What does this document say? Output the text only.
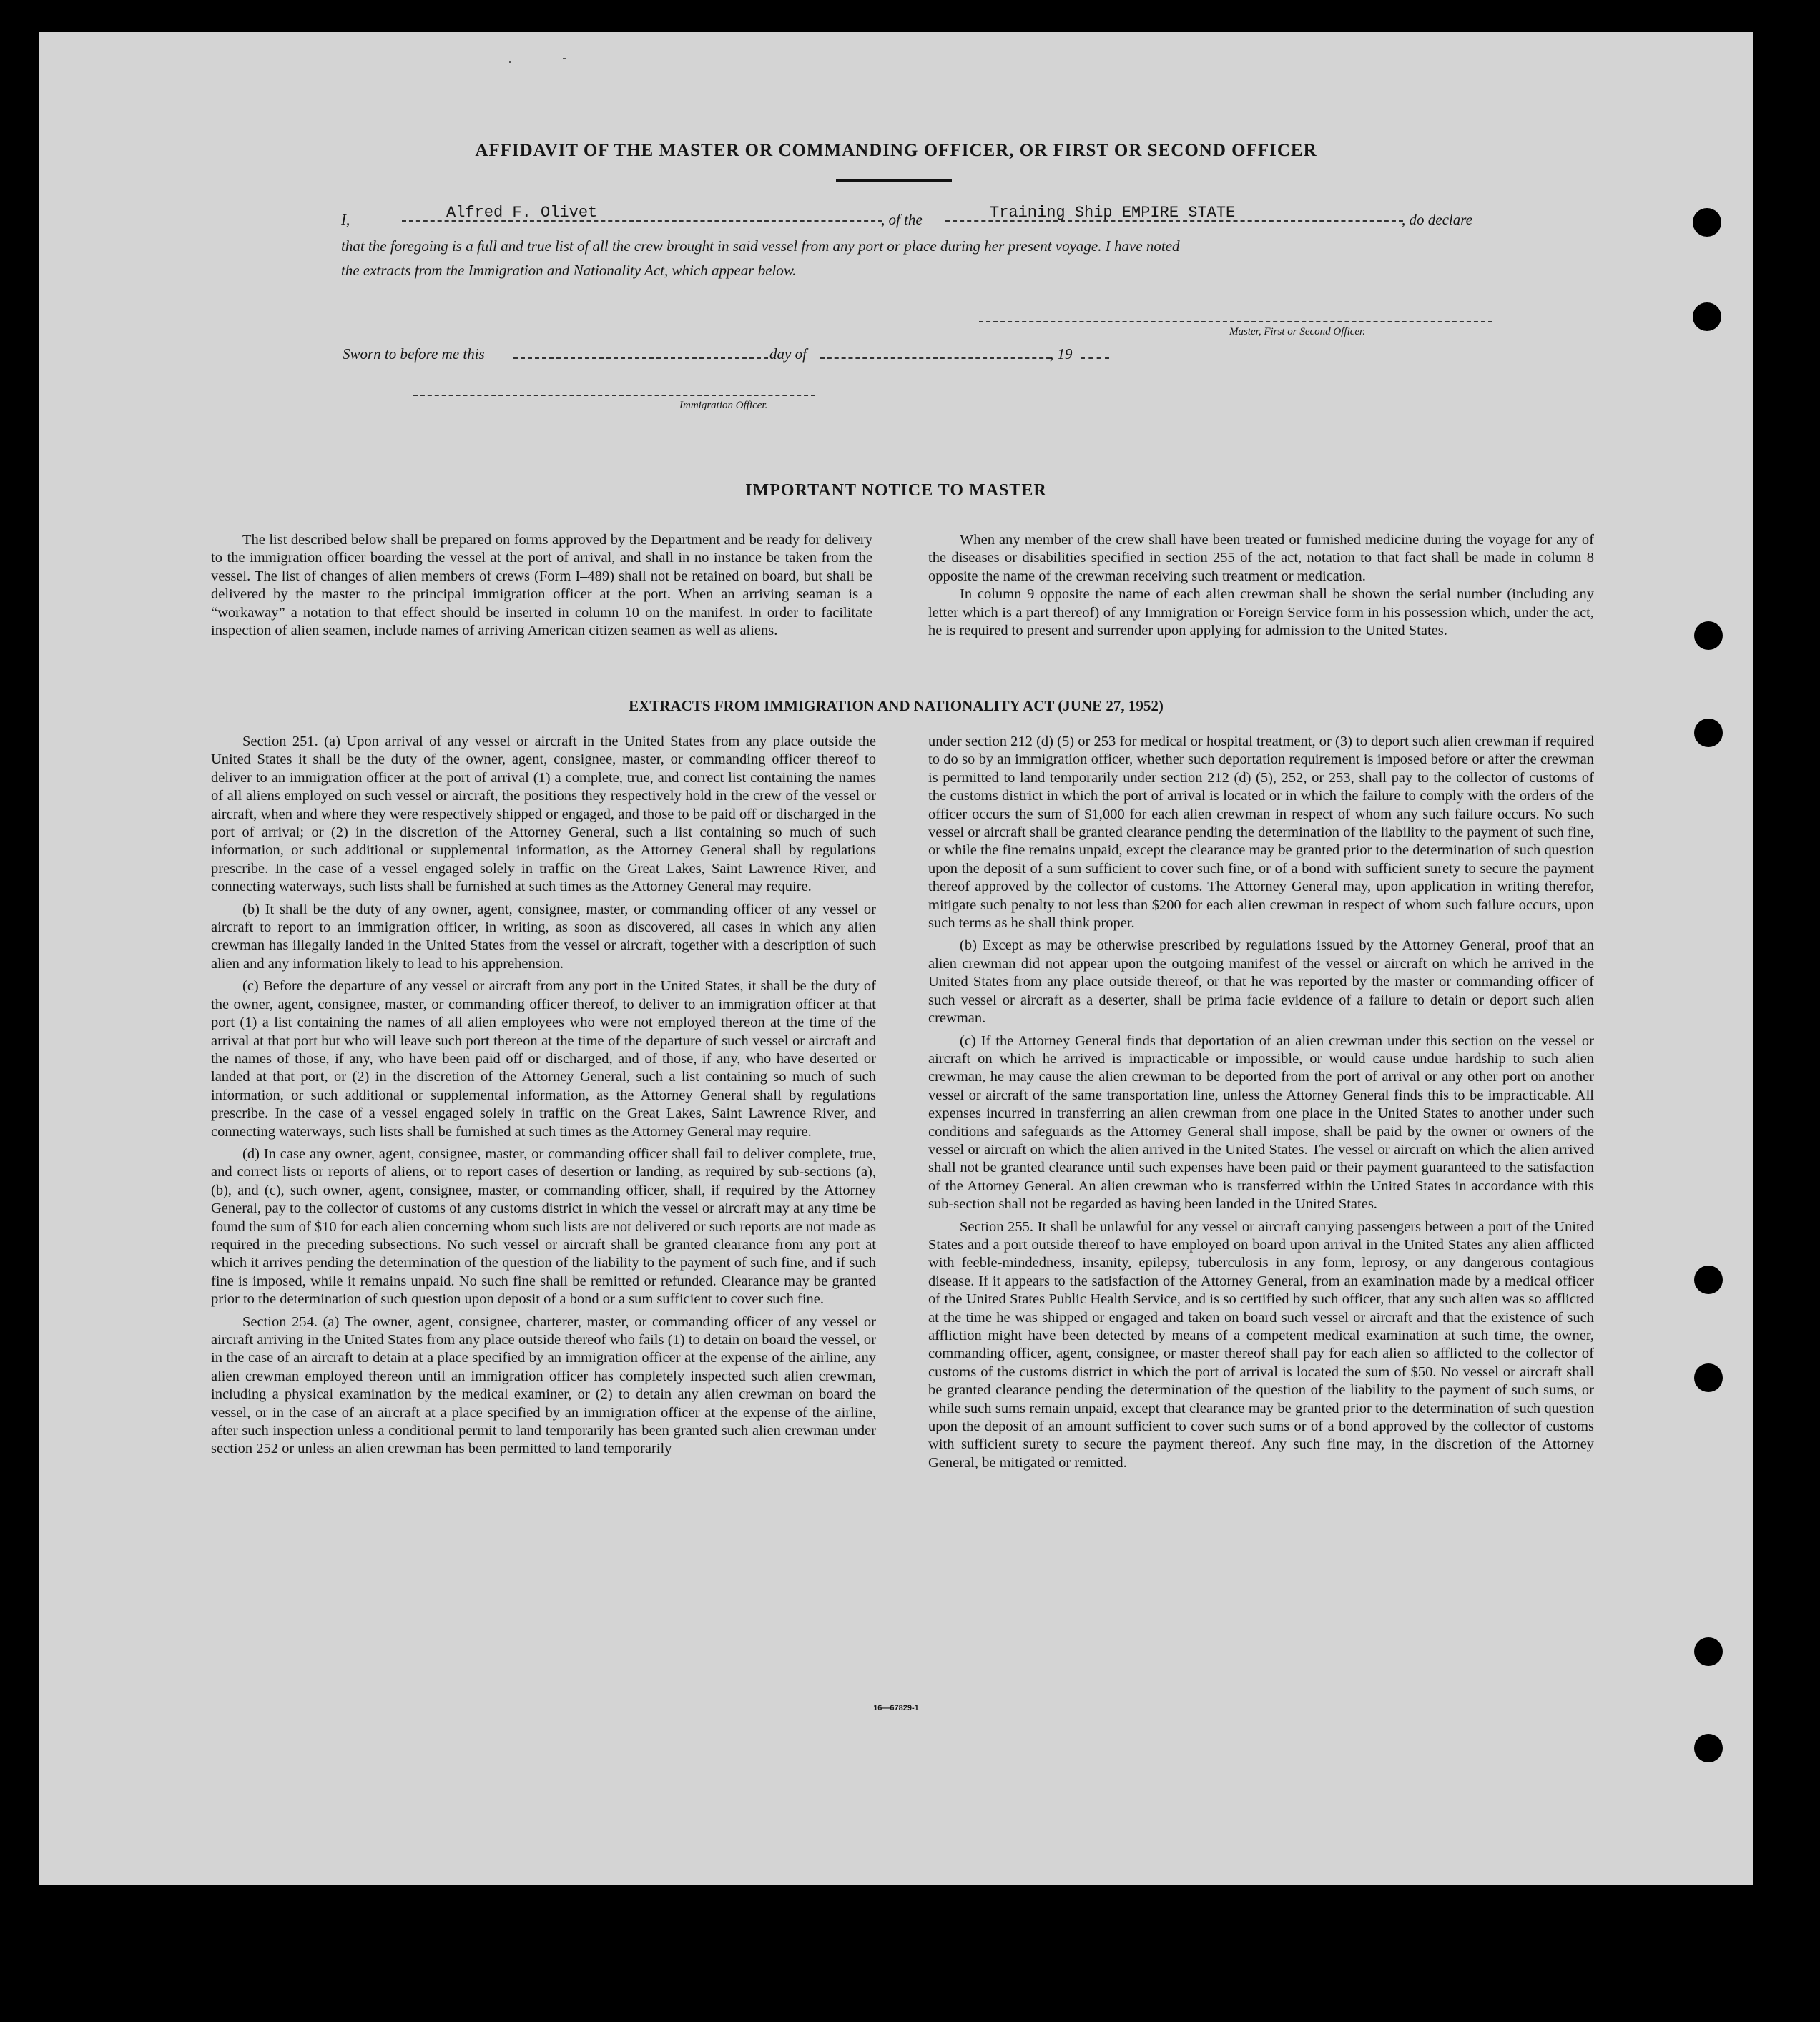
AFFIDAVIT OF THE MASTER OR COMMANDING OFFICER, OR FIRST OR SECOND OFFICER
I,	Alfred F. Olivet	, of the	Training Ship EMPIRE STATE	, do declare
that the foregoing is a full and true list of all the crew brought in said vessel from any port or place during her present voyage. I have noted
the extracts from the Immigration and Nationality Act, which appear below.
Master, First or Second Officer.
Sworn to before me this	day of	, 19
Immigration Officer.
IMPORTANT NOTICE TO MASTER

The list described below shall be prepared on forms approved by the Department and be ready for delivery to the immigration officer boarding the vessel at the port of arrival, and shall in no instance be taken from the vessel. The list of changes of alien members of crews (Form I–489) shall not be retained on board, but shall be delivered by the master to the principal immigration officer at the port. When an arriving seaman is a “workaway” a notation to that effect should be inserted in column 10 on the manifest. In order to facilitate inspection of alien seamen, include names of arriving American citizen seamen as well as aliens.

When any member of the crew shall have been treated or furnished medicine during the voyage for any of the diseases or disabilities specified in section 255 of the act, notation to that fact shall be made in column 8 opposite the name of the crewman receiving such treatment or medication.

In column 9 opposite the name of each alien crewman shall be shown the serial number (including any letter which is a part thereof) of any Immigration or Foreign Service form in his possession which, under the act, he is required to present and surrender upon applying for admission to the United States.

EXTRACTS FROM IMMIGRATION AND NATIONALITY ACT (JUNE 27, 1952)

Section 251. (a) Upon arrival of any vessel or aircraft in the United States from any place outside the United States it shall be the duty of the owner, agent, consignee, master, or commanding officer thereof to deliver to an immigration officer at the port of arrival (1) a complete, true, and correct list containing the names of all aliens employed on such vessel or aircraft, the positions they respectively hold in the crew of the vessel or aircraft, when and where they were respectively shipped or engaged, and those to be paid off or discharged in the port of arrival; or (2) in the discretion of the Attorney General, such a list containing so much of such information, or such additional or supplemental information, as the Attorney General shall by regulations prescribe. In the case of a vessel engaged solely in traffic on the Great Lakes, Saint Lawrence River, and connecting waterways, such lists shall be furnished at such times as the Attorney General may require.

(b) It shall be the duty of any owner, agent, consignee, master, or commanding officer of any vessel or aircraft to report to an immigration officer, in writing, as soon as discovered, all cases in which any alien crewman has illegally landed in the United States from the vessel or aircraft, together with a description of such alien and any information likely to lead to his apprehension.

(c) Before the departure of any vessel or aircraft from any port in the United States, it shall be the duty of the owner, agent, consignee, master, or commanding officer thereof, to deliver to an immigration officer at that port (1) a list containing the names of all alien employees who were not employed thereon at the time of the arrival at that port but who will leave such port thereon at the time of the departure of such vessel or aircraft and the names of those, if any, who have been paid off or discharged, and of those, if any, who have deserted or landed at that port, or (2) in the discretion of the Attorney General, such a list containing so much of such information, or such additional or supplemental information, as the Attorney General shall by regulations prescribe. In the case of a vessel engaged solely in traffic on the Great Lakes, Saint Lawrence River, and connecting waterways, such lists shall be furnished at such times as the Attorney General may require.

(d) In case any owner, agent, consignee, master, or commanding officer shall fail to deliver complete, true, and correct lists or reports of aliens, or to report cases of desertion or landing, as required by sub-sections (a), (b), and (c), such owner, agent, consignee, master, or commanding officer, shall, if required by the Attorney General, pay to the collector of customs of any customs district in which the vessel or aircraft may at any time be found the sum of $10 for each alien concerning whom such lists are not delivered or such reports are not made as required in the preceding subsections. No such vessel or aircraft shall be granted clearance from any port at which it arrives pending the determination of the question of the liability to the payment of such fine, and if such fine is imposed, while it remains unpaid. No such fine shall be remitted or refunded. Clearance may be granted prior to the determination of such question upon deposit of a bond or a sum sufficient to cover such fine.

Section 254. (a) The owner, agent, consignee, charterer, master, or commanding officer of any vessel or aircraft arriving in the United States from any place outside thereof who fails (1) to detain on board the vessel, or in the case of an aircraft to detain at a place specified by an immigration officer at the expense of the airline, any alien crewman employed thereon until an immigration officer has completely inspected such alien crewman, including a physical examination by the medical examiner, or (2) to detain any alien crewman on board the vessel, or in the case of an aircraft at a place specified by an immigration officer at the expense of the airline, after such inspection unless a conditional permit to land temporarily has been granted such alien crewman under section 252 or unless an alien crewman has been permitted to land temporarily

under section 212 (d) (5) or 253 for medical or hospital treatment, or (3) to deport such alien crewman if required to do so by an immigration officer, whether such deportation requirement is imposed before or after the crewman is permitted to land temporarily under section 212 (d) (5), 252, or 253, shall pay to the collector of customs of the customs district in which the port of arrival is located or in which the failure to comply with the orders of the officer occurs the sum of $1,000 for each alien crewman in respect of whom any such failure occurs. No such vessel or aircraft shall be granted clearance pending the determination of the liability to the payment of such fine, or while the fine remains unpaid, except the clearance may be granted prior to the determination of such question upon the deposit of a sum sufficient to cover such fine, or of a bond with sufficient surety to secure the payment thereof approved by the collector of customs. The Attorney General may, upon application in writing therefor, mitigate such penalty to not less than $200 for each alien crewman in respect of whom such failure occurs, upon such terms as he shall think proper.

(b) Except as may be otherwise prescribed by regulations issued by the Attorney General, proof that an alien crewman did not appear upon the outgoing manifest of the vessel or aircraft on which he arrived in the United States from any place outside thereof, or that he was reported by the master or commanding officer of such vessel or aircraft as a deserter, shall be prima facie evidence of a failure to detain or deport such alien crewman.

(c) If the Attorney General finds that deportation of an alien crewman under this section on the vessel or aircraft on which he arrived is impracticable or impossible, or would cause undue hardship to such alien crewman, he may cause the alien crewman to be deported from the port of arrival or any other port on another vessel or aircraft of the same transportation line, unless the Attorney General finds this to be impracticable. All expenses incurred in transferring an alien crewman from one place in the United States to another under such conditions and safeguards as the Attorney General shall impose, shall be paid by the owner or owners of the vessel or aircraft on which the alien arrived in the United States. The vessel or aircraft on which the alien arrived shall not be granted clearance until such expenses have been paid or their payment guaranteed to the satisfaction of the Attorney General. An alien crewman who is transferred within the United States in accordance with this sub-section shall not be regarded as having been landed in the United States.

Section 255. It shall be unlawful for any vessel or aircraft carrying passengers between a port of the United States and a port outside thereof to have employed on board upon arrival in the United States any alien afflicted with feeble-mindedness, insanity, epilepsy, tuberculosis in any form, leprosy, or any dangerous contagious disease. If it appears to the satisfaction of the Attorney General, from an examination made by a medical officer of the United States Public Health Service, and is so certified by such officer, that any such alien was so afflicted at the time he was shipped or engaged and taken on board such vessel or aircraft and that the existence of such affliction might have been detected by means of a competent medical examination at such time, the owner, commanding officer, agent, consignee, or master thereof shall pay for each alien so afflicted to the collector of customs of the customs district in which the port of arrival is located the sum of $50. No vessel or aircraft shall be granted clearance pending the determination of the question of the liability to the payment of such sums, or while such sums remain unpaid, except that clearance may be granted prior to the determination of such question upon the deposit of an amount sufficient to cover such sums or of a bond approved by the collector of customs with sufficient surety to secure the payment thereof. Any such fine may, in the discretion of the Attorney General, be mitigated or remitted.

16—67829-1
